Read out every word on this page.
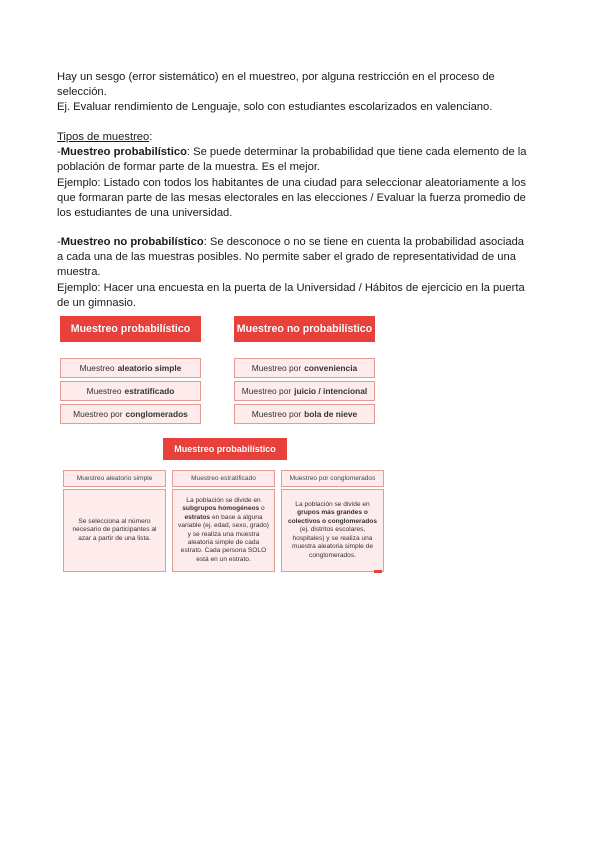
Hay un sesgo (error sistemático) en el muestreo, por alguna restricción en el proceso de selección.
Ej. Evaluar rendimiento de Lenguaje, solo con estudiantes escolarizados en valenciano.

Tipos de muestreo:
-Muestreo probabilístico: Se puede determinar la probabilidad que tiene cada elemento de la población de formar parte de la muestra. Es el mejor.
Ejemplo: Listado con todos los habitantes de una ciudad para seleccionar aleatoriamente a los que formaran parte de las mesas electorales en las elecciones / Evaluar la fuerza promedio de los estudiantes de una universidad.

-Muestreo no probabilístico: Se desconoce o no se tiene en cuenta la probabilidad asociada a cada una de las muestras posibles. No permite saber el grado de representatividad de una muestra.
Ejemplo: Hacer una encuesta en la puerta de la Universidad / Hábitos de ejercicio en la puerta de un gimnasio.

Muestreo probabilístico
Muestreo aleatorio simple
Muestreo estratificado
Muestreo por conglomerados
Muestreo no probabilístico
Muestreo por conveniencia
Muestreo por juicio / intencional
Muestreo por bola de nieve
Muestreo probabilístico
Muestreo aleatorio simple	Muestreo estratificado	Muestreo por conglomerados
Se selecciona al número necesario de participantes al azar a partir de una lista.
La población se divide en subgrupos homogéneos o estratos en base a alguna variable (ej. edad, sexo, grado) y se realiza una muestra aleatoria simple de cada estrato. Cada persona SOLO está en un estrato.
La población se divide en grupos más grandes o colectivos o conglomerados (ej. distritos escolares, hospitales) y se realiza una muestra aleatoria simple de conglomerados.
